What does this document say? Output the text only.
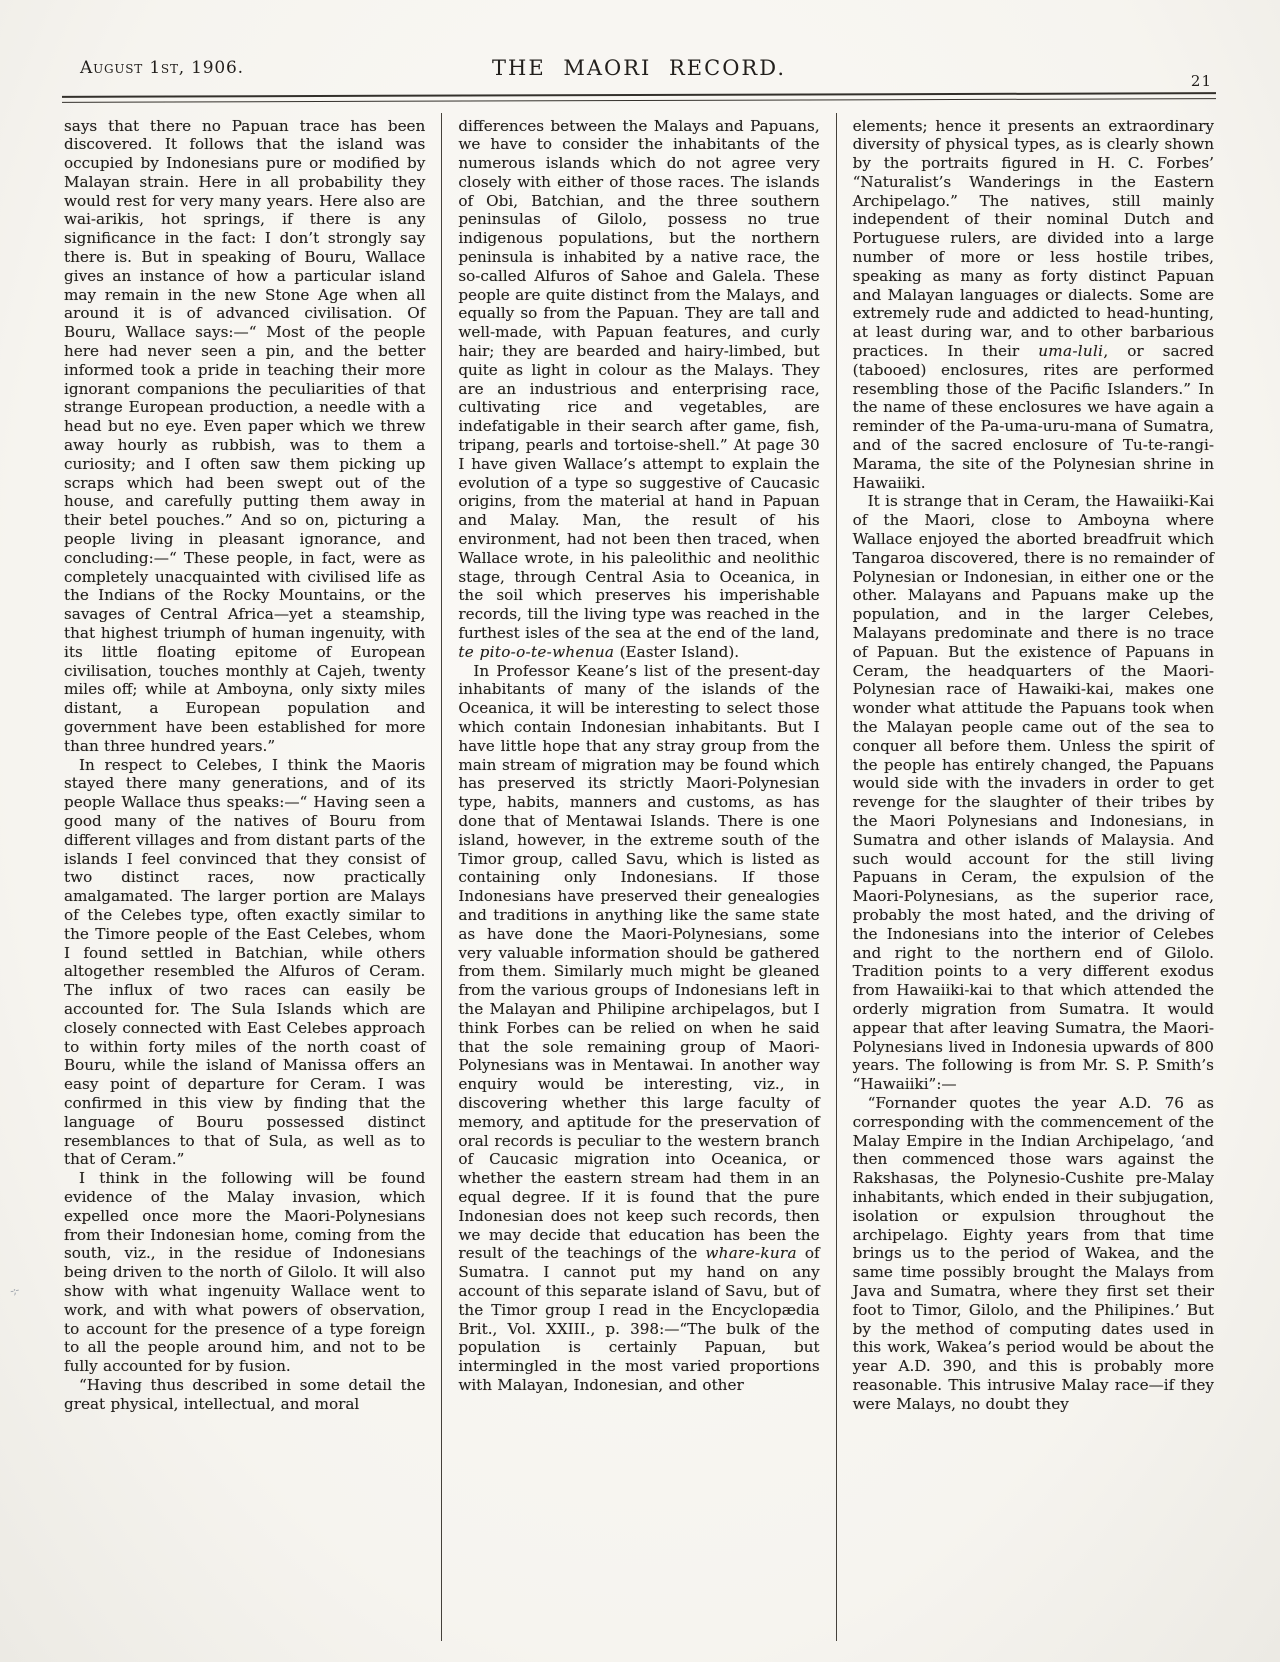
August 1st, 1906.	THE MAORI RECORD.
21

says that there no Papuan trace has been discovered. It follows that the island was occupied by Indonesians pure or modified by Malayan strain. Here in all probability they would rest for very many years. Here also are wai-arikis, hot springs, if there is any significance in the fact: I don’t strongly say there is. But in speaking of Bouru, Wallace gives an instance of how a particular island may remain in the new Stone Age when all around it is of advanced civilisation. Of Bouru, Wallace says:—“ Most of the people here had never seen a pin, and the better informed took a pride in teaching their more ignorant companions the peculiarities of that strange European production, a needle with a head but no eye. Even paper which we threw away hourly as rubbish, was to them a curiosity; and I often saw them picking up scraps which had been swept out of the house, and carefully putting them away in their betel pouches.” And so on, picturing a people living in pleasant ignorance, and concluding:—“ These people, in fact, were as completely unacquainted with civilised life as the Indians of the Rocky Mountains, or the savages of Central Africa—yet a steamship, that highest triumph of human ingenuity, with its little floating epitome of European civilisation, touches monthly at Cajeh, twenty miles off; while at Amboyna, only sixty miles distant, a European population and government have been established for more than three hundred years.”

In respect to Celebes, I think the Maoris stayed there many generations, and of its people Wallace thus speaks:—“ Having seen a good many of the natives of Bouru from different villages and from distant parts of the islands I feel convinced that they consist of two distinct races, now practically amalgamated. The larger portion are Malays of the Celebes type, often exactly similar to the Timore people of the East Celebes, whom I found settled in Batchian, while others altogether resembled the Alfuros of Ceram. The influx of two races can easily be accounted for. The Sula Islands which are closely connected with East Celebes approach to within forty miles of the north coast of Bouru, while the island of Manissa offers an easy point of departure for Ceram. I was confirmed in this view by finding that the language of Bouru possessed distinct resemblances to that of Sula, as well as to that of Ceram.”

I think in the following will be found evidence of the Malay invasion, which expelled once more the Maori-Polynesians from their Indonesian home, coming from the south, viz., in the residue of Indonesians being driven to the north of Gilolo. It will also show with what ingenuity Wallace went to work, and with what powers of observation, to account for the presence of a type foreign to all the people around him, and not to be fully accounted for by fusion.

“Having thus described in some detail the great physical, intellectual, and moral

differences between the Malays and Papuans, we have to consider the inhabitants of the numerous islands which do not agree very closely with either of those races. The islands of Obi, Batchian, and the three southern peninsulas of Gilolo, possess no true indigenous populations, but the northern peninsula is inhabited by a native race, the so-called Alfuros of Sahoe and Galela. These people are quite distinct from the Malays, and equally so from the Papuan. They are tall and well-made, with Papuan features, and curly hair; they are bearded and hairy-limbed, but quite as light in colour as the Malays. They are an industrious and enterprising race, cultivating rice and vegetables, are indefatigable in their search after game, fish, tripang, pearls and tortoise-shell.” At page 30 I have given Wallace’s attempt to explain the evolution of a type so suggestive of Caucasic origins, from the material at hand in Papuan and Malay. Man, the result of his environment, had not been then traced, when Wallace wrote, in his paleolithic and neolithic stage, through Central Asia to Oceanica, in the soil which preserves his imperishable records, till the living type was reached in the furthest isles of the sea at the end of the land, te pito-o-te-whenua (Easter Island).

In Professor Keane’s list of the present-day inhabitants of many of the islands of the Oceanica, it will be interesting to select those which contain Indonesian inhabitants. But I have little hope that any stray group from the main stream of migration may be found which has preserved its strictly Maori-Polynesian type, habits, manners and customs, as has done that of Mentawai Islands. There is one island, however, in the extreme south of the Timor group, called Savu, which is listed as containing only Indonesians. If those Indonesians have preserved their genealogies and traditions in anything like the same state as have done the Maori-Polynesians, some very valuable information should be gathered from them. Similarly much might be gleaned from the various groups of Indonesians left in the Malayan and Philipine archipelagos, but I think Forbes can be relied on when he said that the sole remaining group of Maori-Polynesians was in Mentawai. In another way enquiry would be interesting, viz., in discovering whether this large faculty of memory, and aptitude for the preservation of oral records is peculiar to the western branch of Caucasic migration into Oceanica, or whether the eastern stream had them in an equal degree. If it is found that the pure Indonesian does not keep such records, then we may decide that education has been the result of the teachings of the whare-kura of Sumatra. I cannot put my hand on any account of this separate island of Savu, but of the Timor group I read in the Encyclopædia Brit., Vol. XXIII., p. 398:—“The bulk of the population is certainly Papuan, but intermingled in the most varied proportions with Malayan, Indonesian, and other

elements; hence it presents an extraordinary diversity of physical types, as is clearly shown by the portraits figured in H. C. Forbes’ “Naturalist’s Wanderings in the Eastern Archipelago.” The natives, still mainly independent of their nominal Dutch and Portuguese rulers, are divided into a large number of more or less hostile tribes, speaking as many as forty distinct Papuan and Malayan languages or dialects. Some are extremely rude and addicted to head-hunting, at least during war, and to other barbarious practices. In their uma-luli, or sacred (tabooed) enclosures, rites are performed resembling those of the Pacific Islanders.” In the name of these enclosures we have again a reminder of the Pa-uma-uru-mana of Sumatra, and of the sacred enclosure of Tu-te-rangi-Marama, the site of the Polynesian shrine in Hawaiiki.

It is strange that in Ceram, the Hawaiiki-Kai of the Maori, close to Amboyna where Wallace enjoyed the aborted breadfruit which Tangaroa discovered, there is no remainder of Polynesian or Indonesian, in either one or the other. Malayans and Papuans make up the population, and in the larger Celebes, Malayans predominate and there is no trace of Papuan. But the existence of Papuans in Ceram, the headquarters of the Maori-Polynesian race of Hawaiki-kai, makes one wonder what attitude the Papuans took when the Malayan people came out of the sea to conquer all before them. Unless the spirit of the people has entirely changed, the Papuans would side with the invaders in order to get revenge for the slaughter of their tribes by the Maori Polynesians and Indonesians, in Sumatra and other islands of Malaysia. And such would account for the still living Papuans in Ceram, the expulsion of the Maori-Polynesians, as the superior race, probably the most hated, and the driving of the Indonesians into the interior of Celebes and right to the northern end of Gilolo. Tradition points to a very different exodus from Hawaiiki-kai to that which attended the orderly migration from Sumatra. It would appear that after leaving Sumatra, the Maori-Polynesians lived in Indonesia upwards of 800 years. The following is from Mr. S. P. Smith’s “Hawaiiki”:—

“Fornander quotes the year A.D. 76 as corresponding with the commencement of the Malay Empire in the Indian Archipelago, ‘and then commenced those wars against the Rakshasas, the Polynesio-Cushite pre-Malay inhabitants, which ended in their subjugation, isolation or expulsion throughout the archipelago. Eighty years from that time brings us to the period of Wakea, and the same time possibly brought the Malays from Java and Sumatra, where they first set their foot to Timor, Gilolo, and the Philipines.’ But by the method of computing dates used in this work, Wakea’s period would be about the year A.D. 390, and this is probably more reasonable. This intrusive Malay race—if they were Malays, no doubt they

-;-
